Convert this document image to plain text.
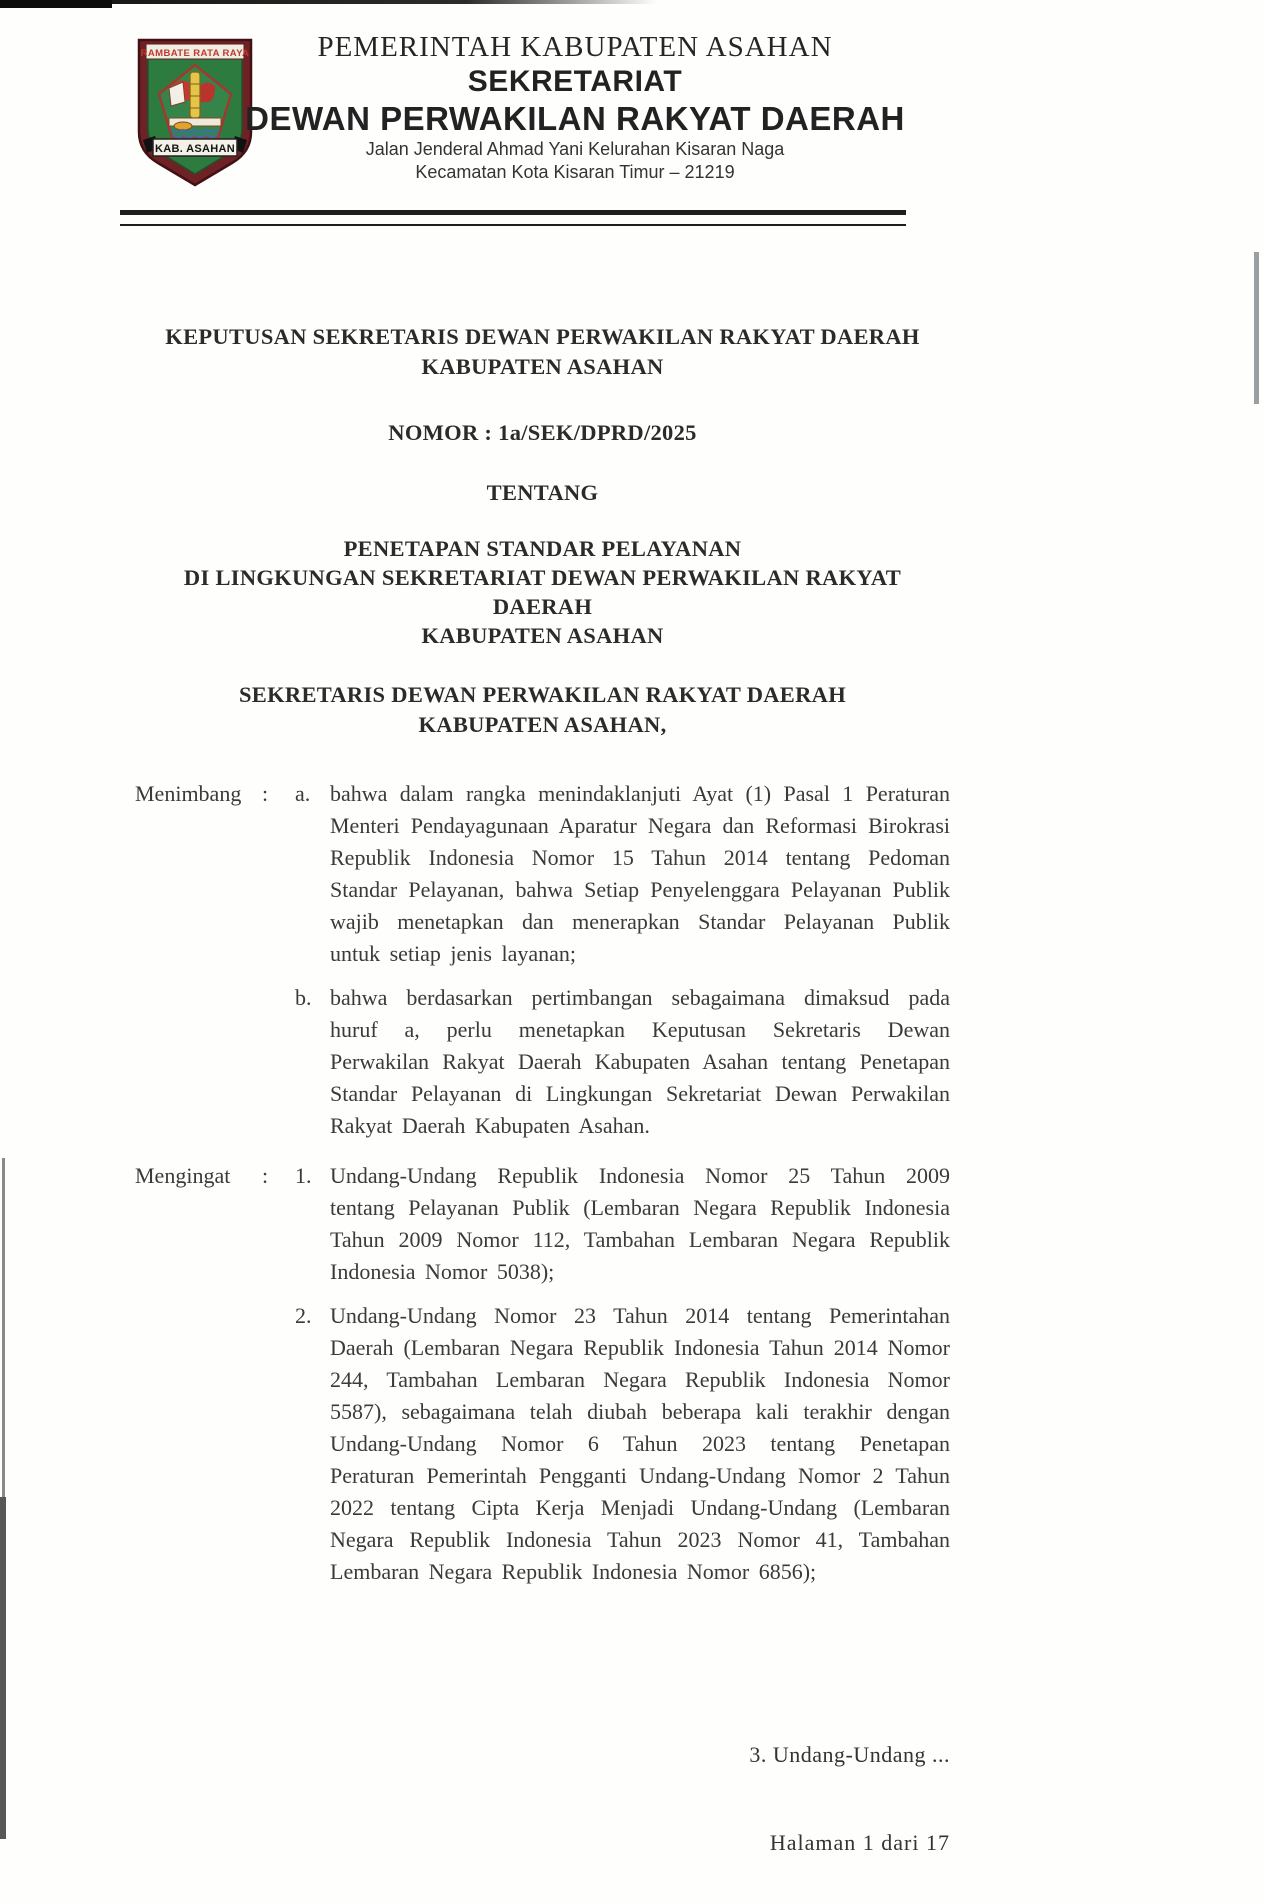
RAMBATE RATA RAYA
KAB. ASAHAN
PEMERINTAH KABUPATEN ASAHAN
SEKRETARIAT
DEWAN PERWAKILAN RAKYAT DAERAH
Jalan Jenderal Ahmad Yani Kelurahan Kisaran Naga
Kecamatan Kota Kisaran Timur – 21219
KEPUTUSAN SEKRETARIS DEWAN PERWAKILAN RAKYAT DAERAH
KABUPATEN ASAHAN
NOMOR : 1a/SEK/DPRD/2025
TENTANG
PENETAPAN STANDAR PELAYANAN
DI LINGKUNGAN SEKRETARIAT DEWAN PERWAKILAN RAKYAT DAERAH
KABUPATEN ASAHAN
SEKRETARIS DEWAN PERWAKILAN RAKYAT DAERAH
KABUPATEN ASAHAN,
Menimbang :	a. bahwa dalam rangka menindaklanjuti Ayat (1) Pasal 1 Peraturan Menteri Pendayagunaan Aparatur Negara dan Reformasi Birokrasi Republik Indonesia Nomor 15 Tahun 2014 tentang Pedoman Standar Pelayanan, bahwa Setiap Penyelenggara Pelayanan Publik wajib menetapkan dan menerapkan Standar Pelayanan Publik untuk setiap jenis layanan;
b. bahwa berdasarkan pertimbangan sebagaimana dimaksud pada huruf a, perlu menetapkan Keputusan Sekretaris Dewan Perwakilan Rakyat Daerah Kabupaten Asahan tentang Penetapan Standar Pelayanan di Lingkungan Sekretariat Dewan Perwakilan Rakyat Daerah Kabupaten Asahan.
Mengingat	:	1. Undang-Undang Republik Indonesia Nomor 25 Tahun 2009 tentang Pelayanan Publik (Lembaran Negara Republik Indonesia Tahun 2009 Nomor 112, Tambahan Lembaran Negara Republik Indonesia Nomor 5038);
2. Undang-Undang Nomor 23 Tahun 2014 tentang Pemerintahan Daerah (Lembaran Negara Republik Indonesia Tahun 2014 Nomor 244, Tambahan Lembaran Negara Republik Indonesia Nomor 5587), sebagaimana telah diubah beberapa kali terakhir dengan Undang-Undang Nomor 6 Tahun 2023 tentang Penetapan Peraturan Pemerintah Pengganti Undang-Undang Nomor 2 Tahun 2022 tentang Cipta Kerja Menjadi Undang-Undang (Lembaran Negara Republik Indonesia Tahun 2023 Nomor 41, Tambahan Lembaran Negara Republik Indonesia Nomor 6856);
3. Undang-Undang ...
Halaman 1 dari 17
